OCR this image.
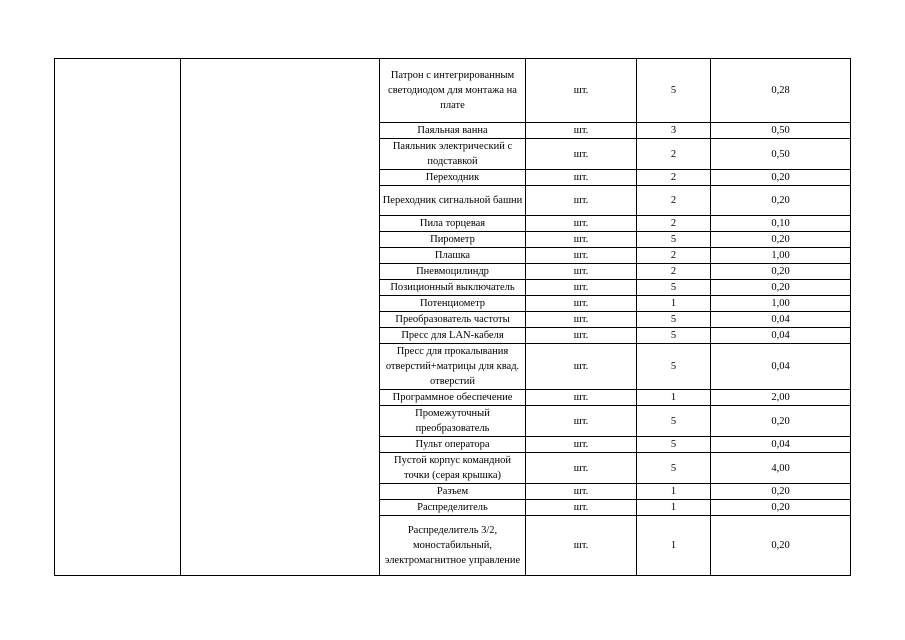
		Патрон с интегрированным светодиодом для монтажа на плате	шт.	5	0,28
		Паяльная ванна	шт.	3	0,50
		Паяльник электрический с подставкой	шт.	2	0,50
		Переходник	шт.	2	0,20
		Переходник сигнальной башни	шт.	2	0,20
		Пила торцевая	шт.	2	0,10
		Пирометр	шт.	5	0,20
		Плашка	шт.	2	1,00
		Пневмоцилиндр	шт.	2	0,20
		Позиционный выключатель	шт.	5	0,20
		Потенциометр	шт.	1	1,00
		Преобразователь частоты	шт.	5	0,04
		Пресс для LAN-кабеля	шт.	5	0,04
		Пресс для прокалывания отверстий+матрицы для квад. отверстий	шт.	5	0,04
		Программное обеспечение	шт.	1	2,00
		Промежуточный преобразователь	шт.	5	0,20
		Пульт оператора	шт.	5	0,04
		Пустой корпус командной точки (серая крышка)	шт.	5	4,00
		Разъем	шт.	1	0,20
		Распределитель	шт.	1	0,20
		Распределитель 3/2, моностабильный, электромагнитное управление	шт.	1	0,20
